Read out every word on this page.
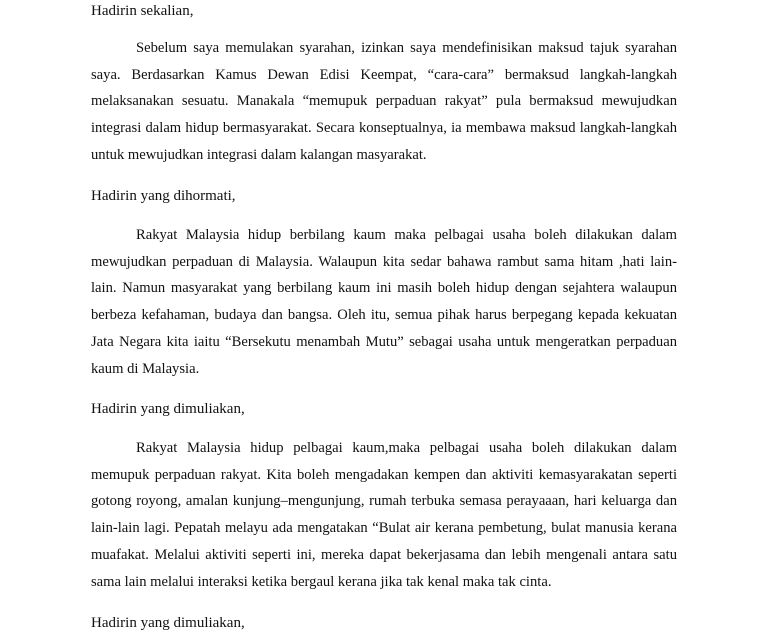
Hadirin sekalian,

Sebelum saya memulakan syarahan, izinkan saya mendefinisikan maksud tajuk syarahan saya. Berdasarkan Kamus Dewan Edisi Keempat, “cara-cara” bermaksud langkah-langkah melaksanakan sesuatu. Manakala “memupuk perpaduan rakyat” pula bermaksud mewujudkan integrasi dalam hidup bermasyarakat. Secara konseptualnya, ia membawa maksud langkah-langkah untuk mewujudkan integrasi dalam kalangan masyarakat.

Hadirin yang dihormati,

Rakyat Malaysia hidup berbilang kaum maka pelbagai usaha boleh dilakukan dalam mewujudkan perpaduan di Malaysia. Walaupun kita sedar bahawa rambut sama hitam ,hati lain-lain. Namun masyarakat yang berbilang kaum ini masih boleh hidup dengan sejahtera walaupun berbeza kefahaman, budaya dan bangsa. Oleh itu, semua pihak harus berpegang kepada kekuatan Jata Negara kita iaitu “Bersekutu menambah Mutu” sebagai usaha untuk mengeratkan perpaduan kaum di Malaysia.

Hadirin yang dimuliakan,

Rakyat Malaysia hidup pelbagai kaum,maka pelbagai usaha boleh dilakukan dalam memupuk perpaduan rakyat. Kita boleh mengadakan kempen dan aktiviti kemasyarakatan seperti gotong royong, amalan kunjung–mengunjung, rumah terbuka semasa perayaaan, hari keluarga dan lain-lain lagi. Pepatah melayu ada mengatakan “Bulat air kerana pembetung, bulat manusia kerana muafakat. Melalui aktiviti seperti ini, mereka dapat bekerjasama dan lebih mengenali antara satu sama lain melalui interaksi ketika bergaul kerana jika tak kenal maka tak cinta.

Hadirin yang dimuliakan,
